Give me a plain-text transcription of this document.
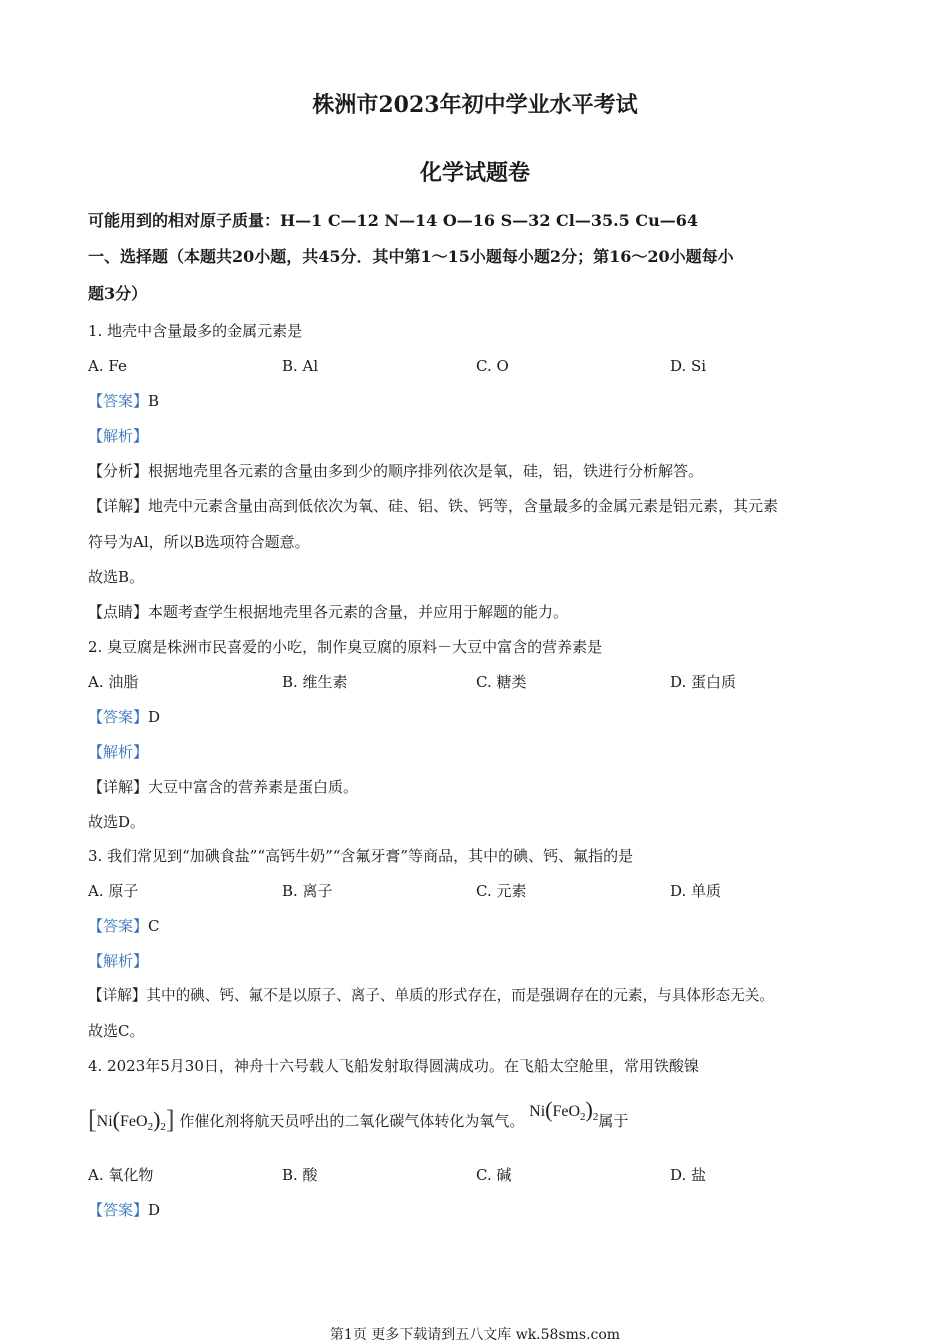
株洲市2023年初中学业水平考试
化学试题卷
可能用到的相对原子质量：H—1 C—12 N—14 O—16 S—32 Cl—35.5 Cu—64
一、选择题（本题共20小题，共45分．其中第1～15小题每小题2分；第16～20小题每小
题3分）
1. 地壳中含量最多的金属元素是
A. Fe	B. Al	C. O	D. Si
【答案】B
【解析】
【分析】根据地壳里各元素的含量由多到少的顺序排列依次是氧，硅，铝，铁进行分析解答。
【详解】地壳中元素含量由高到低依次为氧、硅、铝、铁、钙等，含量最多的金属元素是铝元素，其元素
符号为Al，所以B选项符合题意。
故选B。
【点睛】本题考查学生根据地壳里各元素的含量，并应用于解题的能力。
2. 臭豆腐是株洲市民喜爱的小吃，制作臭豆腐的原料－大豆中富含的营养素是
A. 油脂	B. 维生素	C. 糖类	D. 蛋白质
【答案】D
【解析】
【详解】大豆中富含的营养素是蛋白质。
故选D。
3. 我们常见到“加碘食盐”“高钙牛奶”“含氟牙膏”等商品，其中的碘、钙、氟指的是
A. 原子	B. 离子	C. 元素	D. 单质
【答案】C
【解析】
【详解】其中的碘、钙、氟不是以原子、离子、单质的形式存在，而是强调存在的元素，与具体形态无关。
故选C。
4. 2023年5月30日，神舟十六号载人飞船发射取得圆满成功。在飞船太空舱里，常用铁酸镍
$[Ni(FeO_2)_2]$ 作催化剂将航天员呼出的二氧化碳气体转化为氧气。 $Ni(FeO_2)_2$属于
A. 氧化物	B. 酸	C. 碱	D. 盐
【答案】D
第1页 更多下载请到五八文库 wk.58sms.com
